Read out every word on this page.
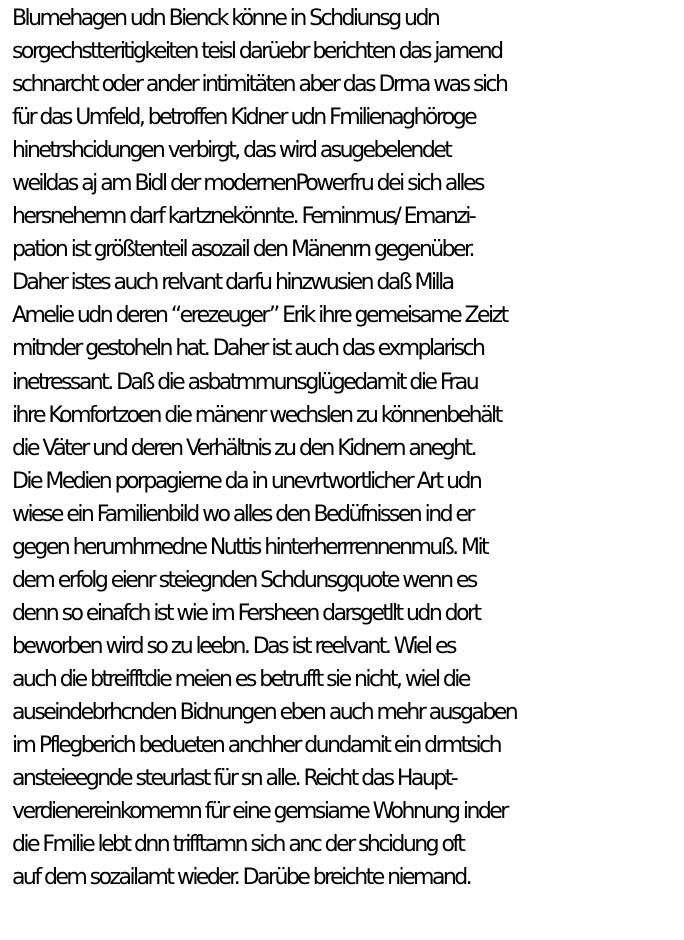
Blumehagen udn Bienck könne in Schdiunsg udn
sorgechstteritigkeiten teisl darüebr berichten das jamend
schnarcht oder ander intimitäten aber das Drma was sich
für das Umfeld, betroffen Kidner udn Fmilienaghöroge
hinetrshcidungen verbirgt, das wird asugebelendet
weildas aj am Bidl der modernenPowerfru dei sich alles
hersnehemn darf kartznekönnte. Feminmus/ Emanzi-
pation ist größtenteil asozail den Mänenrn gegenüber.
Daher istes auch relvant darfu hinzwusien daß Milla
Amelie udn deren “erezeuger” Erik ihre gemeisame Zeizt
mitnder gestoheln hat. Daher ist auch das exmplarisch
inetressant. Daß die asbatmmunsglügedamit die Frau
ihre Komfortzoen die mänenr wechslen zu könnenbehält
die Väter und deren Verhältnis zu den Kidnern aneght.
Die Medien porpagierne da in unevrtwortlicher Art udn
wiese ein Familienbild wo alles den Bedüfnissen ind er
gegen herumhrnedne Nuttis hinterherrrennenmuß. Mit
dem erfolg eienr steiegnden Schdunsgquote wenn es
denn so einafch ist wie im Fersheen darsgetllt udn dort
beworben wird so zu leebn. Das ist reelvant. Wiel es
auch die btreifftdie meien es betrufft sie nicht, wiel die
auseindebrhcnden Bidnungen eben auch mehr ausgaben
im Pflegberich bedueten anchher dundamit ein drmtsich
ansteieegnde steurlast für sn alle. Reicht das Haupt-
verdienereinkomemn für eine gemsiame Wohnung inder
die Fmilie lebt dnn trifftamn sich anc der shcidung oft
auf dem sozailamt wieder. Darübe breichte niemand.
